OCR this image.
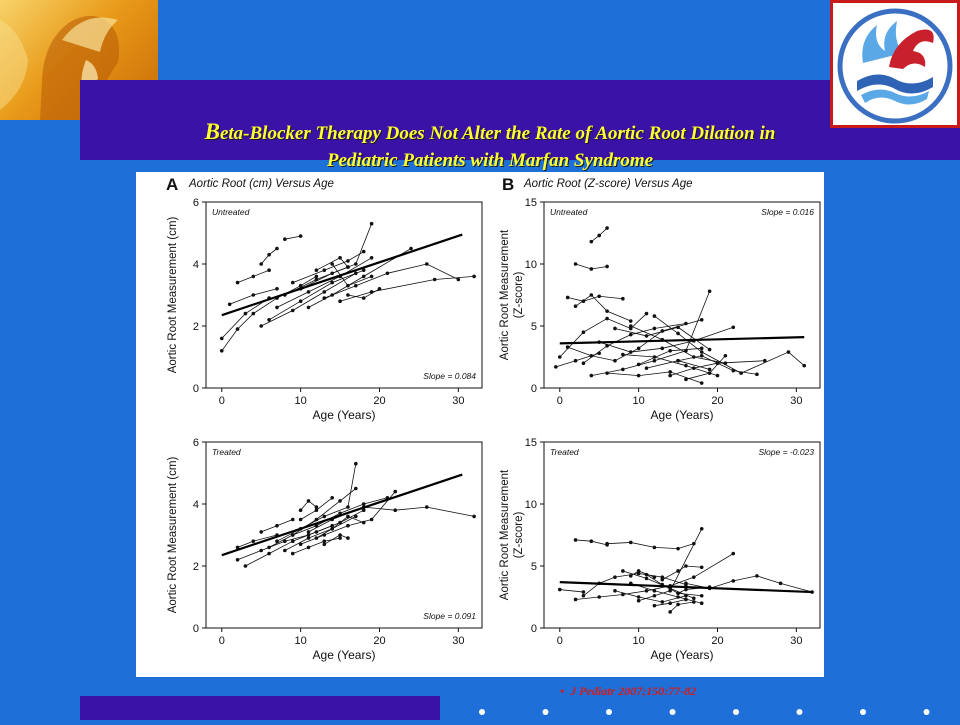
Beta-Blocker Therapy Does Not Alter the Rate of Aortic Root Dilation in
Pediatric Patients with Marfan Syndrome
A	B
Aortic Root (cm) Versus Age	Aortic Root (Z-score) Versus Age
0	10	20	30
0
2
4
6
Age (Years)
Aortic Root Measurement (cm)
Untreated
Slope = 0.084
0	10	20	30
0
5
10
15
Age (Years)
Aortic Root Measurement (Z-score)
Untreated	Slope = 0.016
0	10	20	30
0
2
4
6
Age (Years)
Aortic Root Measurement (cm)
Treated
Slope = 0.091
0	10	20	30
0
5
10
15
Age (Years)
Aortic Root Measurement (Z-score)
Treated	Slope = -0.023
• J Pediatr 2007;150:77-82
